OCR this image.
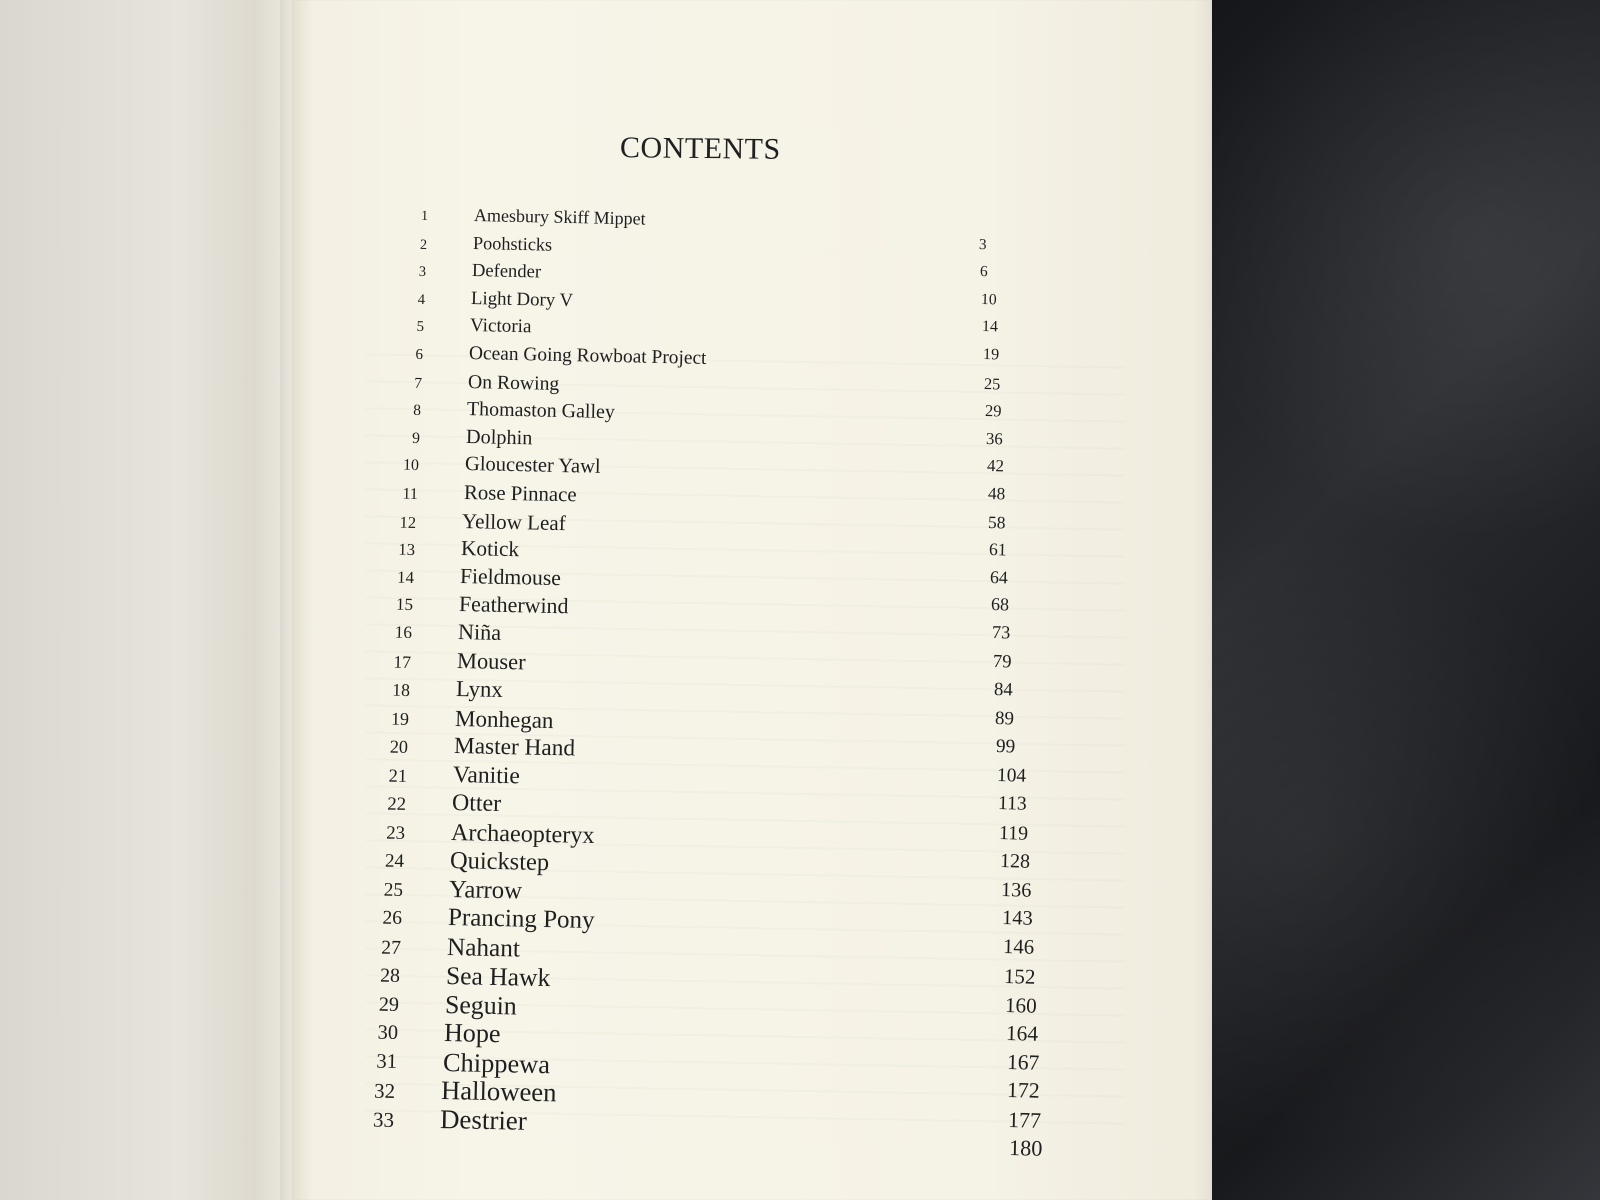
CONTENTS
1	Amesbury Skiff Mippet
2 Poohsticks	3
3 Defender	6
4 Light Dory V	10
5 Victoria	14
6 Ocean Going Rowboat Project	19
7 On Rowing	25
8 Thomaston Galley	29
9 Dolphin	36
10 Gloucester Yawl	42
11 Rose Pinnace	48
12 Yellow Leaf	58
13 Kotick	61
14 Fieldmouse	64
15 Featherwind	68
16 Niña	73
17 Mouser	79
18 Lynx	84
19 Monhegan	89
20 Master Hand	99
21 Vanitie	104
22 Otter	113
23 Archaeopteryx	119
24 Quickstep	128
25 Yarrow	136
26 Prancing Pony	143
27 Nahant	146
28 Sea Hawk	152
29 Seguin	160
30 Hope	164
31 Chippewa	167
32 Halloween	172
33 Destrier	177
180
